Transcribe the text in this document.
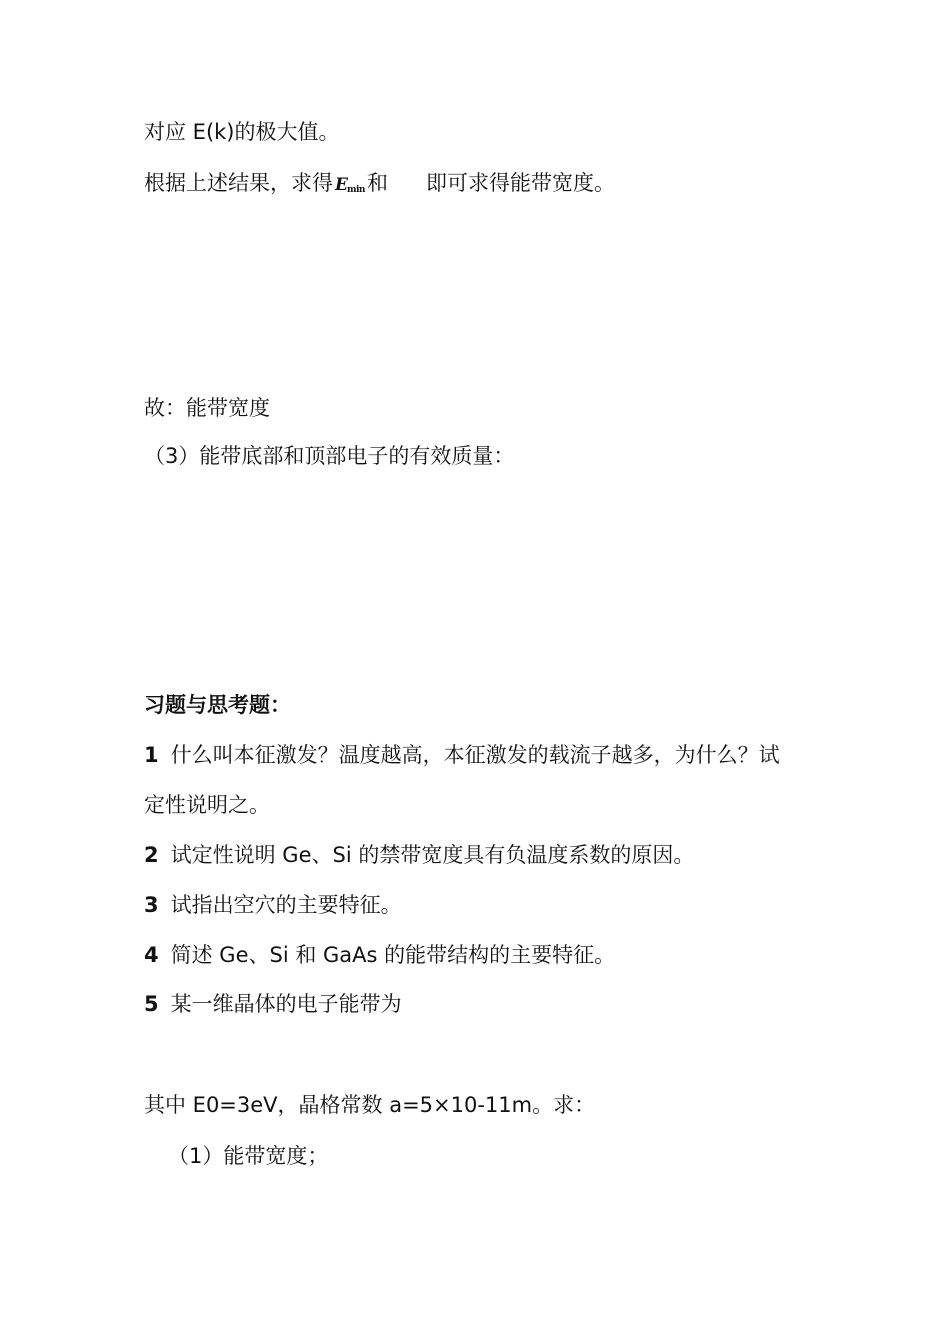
对应 E(k)的极大值。
根据上述结果，求得 $E_{min}$和 即可求得能带宽度。
故：能带宽度
（3）能带底部和顶部电子的有效质量：
习题与思考题：
1 什么叫本征激发？温度越高，本征激发的载流子越多，为什么？试
定性说明之。
2 试定性说明 Ge、Si 的禁带宽度具有负温度系数的原因。
3 试指出空穴的主要特征。
4 简述 Ge、Si 和 GaAs 的能带结构的主要特征。
5 某一维晶体的电子能带为
其中 E0=3eV，晶格常数 a=5×10-11m。求：
（1）能带宽度；
